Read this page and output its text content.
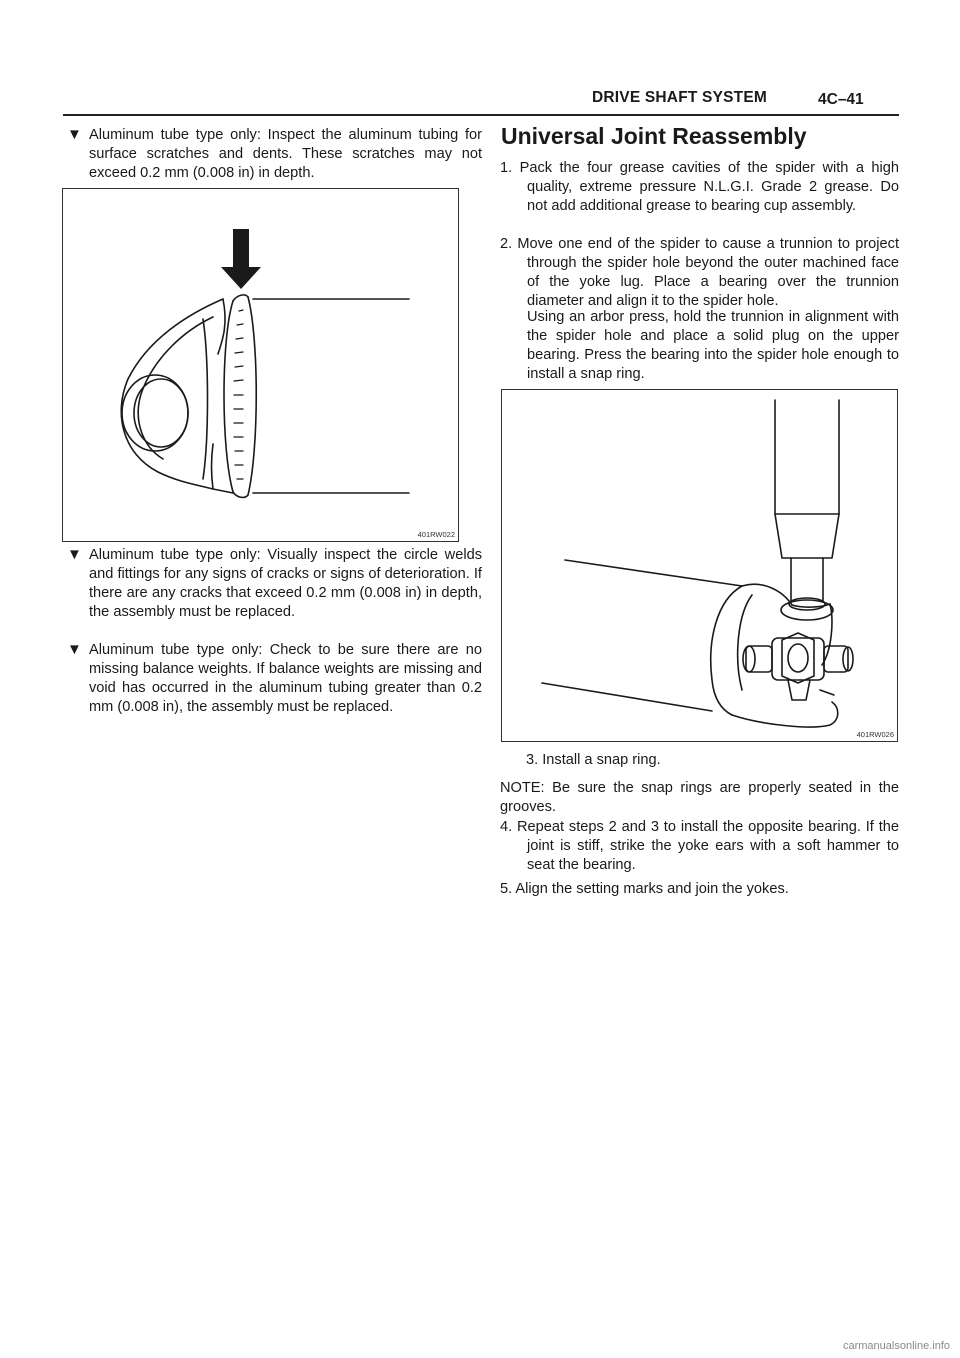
DRIVE SHAFT SYSTEM	4C–41
▼ Aluminum tube type only: Inspect the aluminum tubing for surface scratches and dents. These scratches may not exceed 0.2 mm (0.008 in) in depth.
401RW022
▼ Aluminum tube type only: Visually inspect the circle welds and fittings for any signs of cracks or signs of deterioration. If there are any cracks that exceed 0.2 mm (0.008 in) in depth, the assembly must be replaced.
▼ Aluminum tube type only: Check to be sure there are no missing balance weights. If balance weights are missing and void has occurred in the aluminum tubing greater than 0.2 mm (0.008 in), the assembly must be replaced.
Universal Joint Reassembly
1. Pack the four grease cavities of the spider with a high quality, extreme pressure N.L.G.I. Grade 2 grease. Do not add additional grease to bearing cup assembly.
2. Move one end of the spider to cause a trunnion to project through the spider hole beyond the outer machined face of the yoke lug. Place a bearing over the trunnion diameter and align it to the spider hole.
Using an arbor press, hold the trunnion in alignment with the spider hole and place a solid plug on the upper bearing. Press the bearing into the spider hole enough to install a snap ring.
401RW026
3. Install a snap ring.
NOTE: Be sure the snap rings are properly seated in the grooves.
4. Repeat steps 2 and 3 to install the opposite bearing. If the joint is stiff, strike the yoke ears with a soft hammer to seat the bearing.
5. Align the setting marks and join the yokes.
carmanualsonline.info
